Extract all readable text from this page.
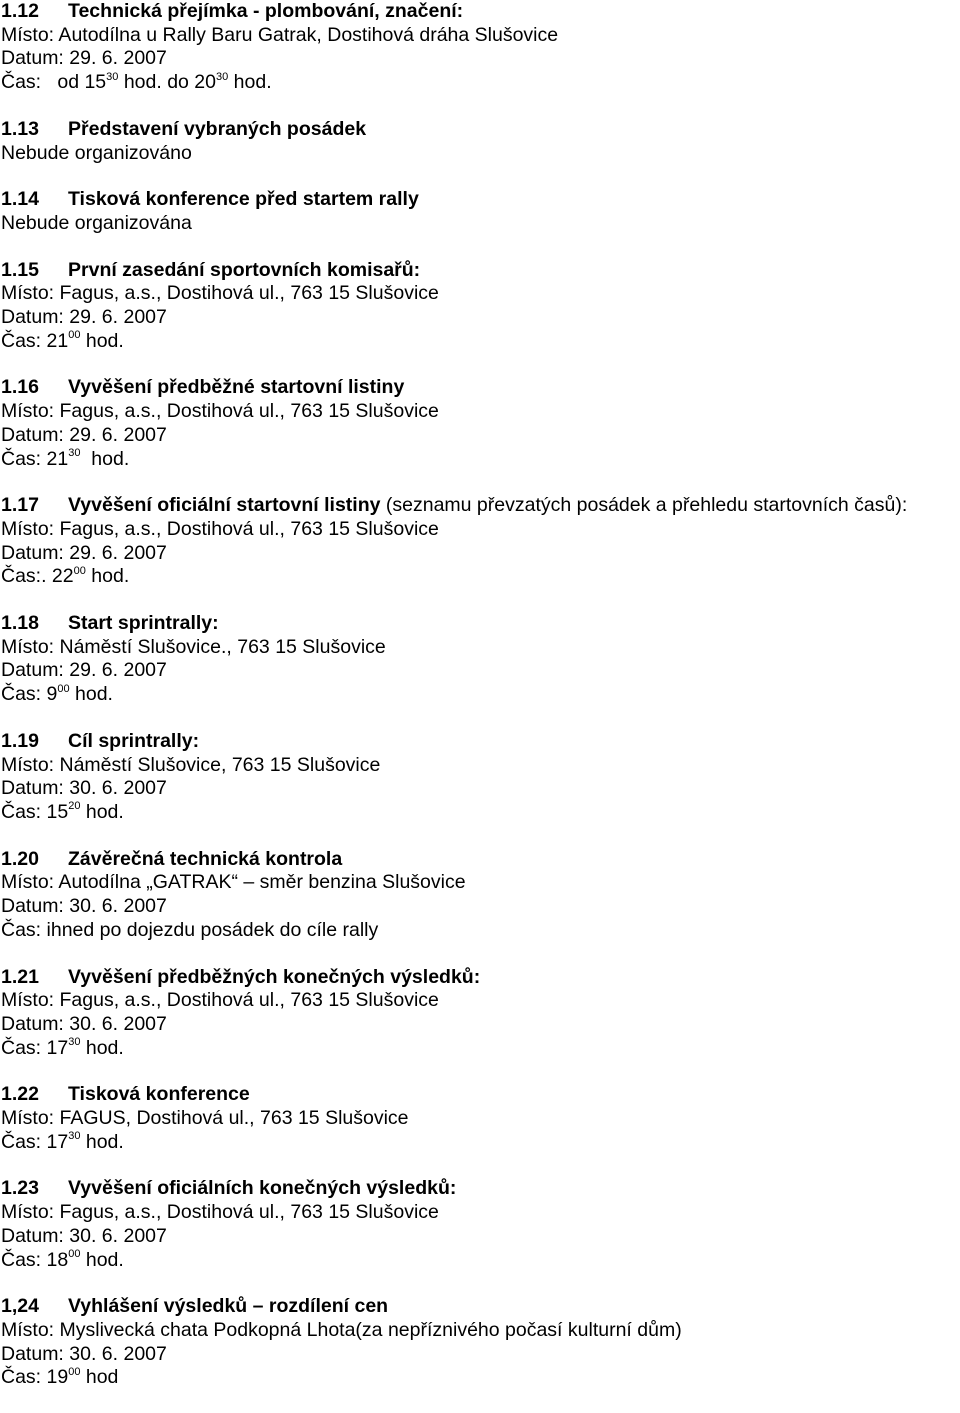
1.12 Technická přejímka - plombování, značení:
Místo: Autodílna u Rally Baru Gatrak, Dostihová dráha Slušovice
Datum: 29. 6. 2007
Čas:   od $15^{30}$ hod. do $20^{30}$ hod.
1.13 Představení vybraných posádek
Nebude organizováno
1.14 Tisková konference před startem rally
Nebude organizována
1.15 První zasedání sportovních komisařů:
Místo: Fagus, a.s., Dostihová ul., 763 15 Slušovice
Datum: 29. 6. 2007
Čas: $21^{00}$ hod.
1.16 Vyvěšení předběžné startovní listiny
Místo: Fagus, a.s., Dostihová ul., 763 15 Slušovice
Datum: 29. 6. 2007
Čas: $21^{30}$  hod.
1.17 Vyvěšení oficiální startovní listiny (seznamu převzatých posádek a přehledu startovních časů):
Místo: Fagus, a.s., Dostihová ul., 763 15 Slušovice
Datum: 29. 6. 2007
Čas:. $22^{00}$ hod.
1.18 Start sprintrally:
Místo: Náměstí Slušovice., 763 15 Slušovice
Datum: 29. 6. 2007
Čas: $9^{00}$ hod.
1.19 Cíl sprintrally:
Místo: Náměstí Slušovice, 763 15 Slušovice
Datum: 30. 6. 2007
Čas: $15^{20}$ hod.
1.20 Závěrečná technická kontrola
Místo: Autodílna „GATRAK“ – směr benzina Slušovice
Datum: 30. 6. 2007
Čas: ihned po dojezdu posádek do cíle rally
1.21 Vyvěšení předběžných konečných výsledků:
Místo: Fagus, a.s., Dostihová ul., 763 15 Slušovice
Datum: 30. 6. 2007
Čas: $17^{30}$ hod.
1.22 Tisková konference
Místo: FAGUS, Dostihová ul., 763 15 Slušovice
Čas: $17^{30}$ hod.
1.23 Vyvěšení oficiálních konečných výsledků:
Místo: Fagus, a.s., Dostihová ul., 763 15 Slušovice
Datum: 30. 6. 2007
Čas: $18^{00}$ hod.
1,24 Vyhlášení výsledků – rozdílení cen
Místo: Myslivecká chata Podkopná Lhota(za nepříznivého počasí kulturní dům)
Datum: 30. 6. 2007
Čas: $19^{00}$ hod
